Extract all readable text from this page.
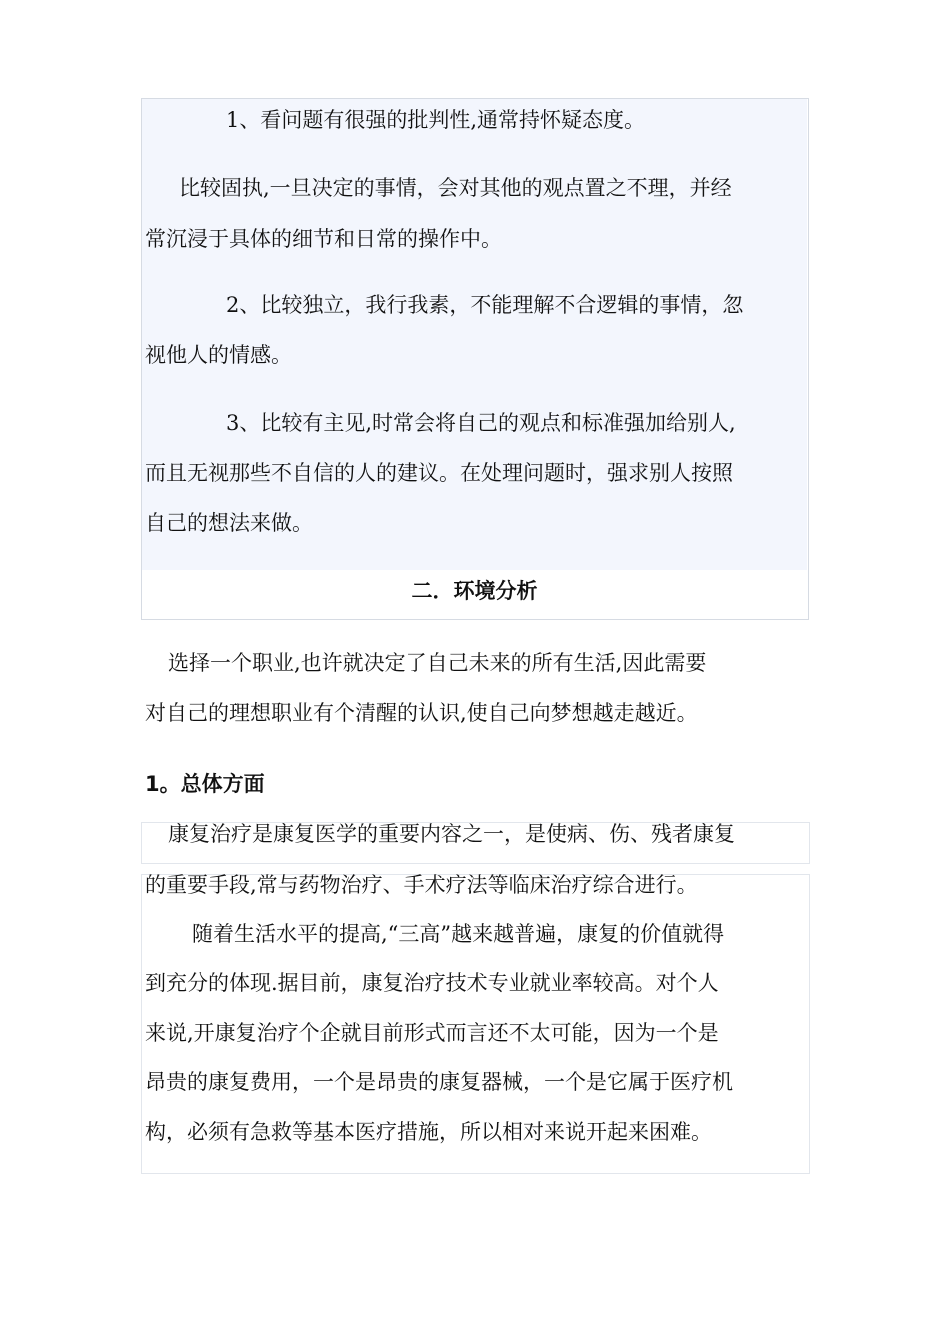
1、看问题有很强的批判性,通常持怀疑态度。
比较固执,一旦决定的事情，会对其他的观点置之不理，并经
常沉浸于具体的细节和日常的操作中。
2、比较独立，我行我素，不能理解不合逻辑的事情，忽
视他人的情感。
3、比较有主见,时常会将自己的观点和标准强加给别人,
而且无视那些不自信的人的建议。在处理问题时，强求别人按照
自己的想法来做。
二．环境分析
选择一个职业,也许就决定了自己未来的所有生活,因此需要
对自己的理想职业有个清醒的认识,使自己向梦想越走越近。
1。总体方面
康复治疗是康复医学的重要内容之一，是使病、伤、残者康复
的重要手段,常与药物治疗、手术疗法等临床治疗综合进行。
随着生活水平的提高,“三高”越来越普遍，康复的价值就得
到充分的体现.据目前，康复治疗技术专业就业率较高。对个人
来说,开康复治疗个企就目前形式而言还不太可能，因为一个是
昂贵的康复费用，一个是昂贵的康复器械，一个是它属于医疗机
构，必须有急救等基本医疗措施，所以相对来说开起来困难。
